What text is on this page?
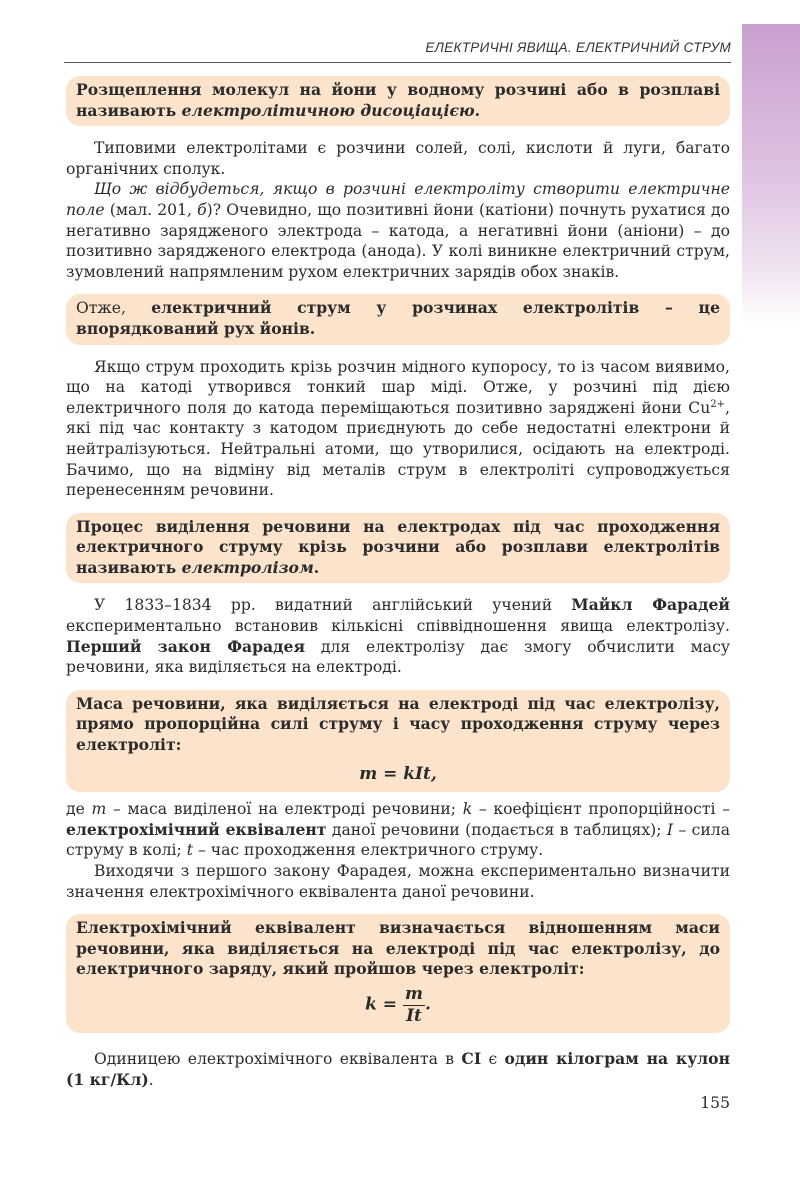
ЕЛЕКТРИЧНІ ЯВИЩА. ЕЛЕКТРИЧНИЙ СТРУМ
Розщеплення молекул на йони у водному розчині або в розплаві називають електролітичною дисоціацією.

Типовими електролітами є розчини солей, солі, кислоти й луги, багато органічних сполук.

Що ж відбудеться, якщо в розчині електроліту створити електричне поле (мал. 201, б)? Очевидно, що позитивні йони (катіони) почнуть рухатися до негативно зарядженого электрода – катода, а негативні йони (аніони) – до позитивно зарядженого електрода (анода). У колі виникне електричний струм, зумовлений напрямленим рухом електричних зарядів обох знаків.

Отже, електричний струм у розчинах електролітів – це впорядкований рух йонів.

Якщо струм проходить крізь розчин мідного купоросу, то із часом виявимо, що на катоді утворився тонкий шар міді. Отже, у розчині під дією електричного поля до катода переміщаються позитивно заряджені йони $Cu^{2+}$, які під час контакту з катодом приєднують до себе недостатні електрони й нейтралізуються. Нейтральні атоми, що утворилися, осідають на електроді. Бачимо, що на відміну від металів струм в електроліті супроводжується перенесенням речовини.

Процес виділення речовини на електродах під час проходження електричного струму крізь розчини або розплави електролітів називають електролізом.

У 1833–1834 рр. видатний англійський учений Майкл Фарадей експериментально встановив кількісні співвідношення явища електролізу. Перший закон Фарадея для електролізу дає змогу обчислити масу речовини, яка виділяється на електроді.

Маса речовини, яка виділяється на електроді під час електролізу, прямо пропорційна силі струму і часу проходження струму через електроліт:
m = kIt,

де m – маса виділеної на електроді речовини; k – коефіцієнт пропорційності – електрохімічний еквівалент даної речовини (подається в таблицях); I – сила струму в колі; t – час проходження електричного струму.

Виходячи з першого закону Фарадея, можна експериментально визначити значення електрохімічного еквівалента даної речовини.

Електрохімічний еквівалент визначається відношенням маси речовини, яка виділяється на електроді під час електролізу, до електричного заряду, який пройшов через електроліт:
$k = \frac{m}{It}$ .

Одиницею електрохімічного еквівалента в СІ є один кілограм на кулон (1 кг/Кл).

155
